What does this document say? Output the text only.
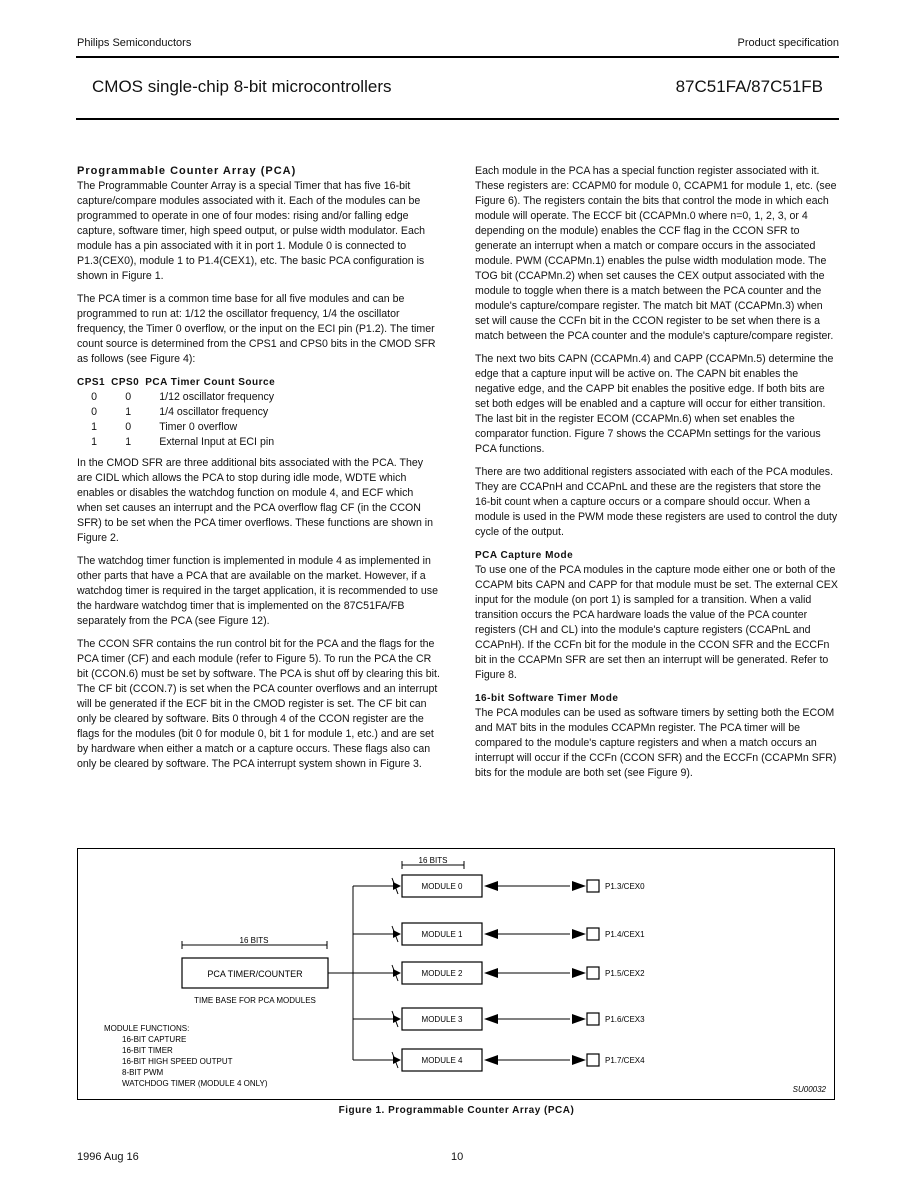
Philips Semiconductors	Product specification
CMOS single-chip 8-bit microcontrollers	87C51FA/87C51FB
Programmable Counter Array (PCA)

The Programmable Counter Array is a special Timer that has five 16-bit capture/compare modules associated with it. Each of the modules can be programmed to operate in one of four modes: rising and/or falling edge capture, software timer, high speed output, or pulse width modulator. Each module has a pin associated with it in port 1. Module 0 is connected to P1.3(CEX0), module 1 to P1.4(CEX1), etc. The basic PCA configuration is shown in Figure 1.

The PCA timer is a common time base for all five modules and can be programmed to run at: 1/12 the oscillator frequency, 1/4 the oscillator frequency, the Timer 0 overflow, or the input on the ECI pin (P1.2). The timer count source is determined from the CPS1 and CPS0 bits in the CMOD SFR as follows (see Figure 4):

CPS1	CPS0	PCA Timer Count Source
0	0	1/12 oscillator frequency
0	1	1/4 oscillator frequency
1	0	Timer 0 overflow
1	1	External Input at ECI pin

In the CMOD SFR are three additional bits associated with the PCA. They are CIDL which allows the PCA to stop during idle mode, WDTE which enables or disables the watchdog function on module 4, and ECF which when set causes an interrupt and the PCA overflow flag CF (in the CCON SFR) to be set when the PCA timer overflows. These functions are shown in Figure 2.

The watchdog timer function is implemented in module 4 as implemented in other parts that have a PCA that are available on the market. However, if a watchdog timer is required in the target application, it is recommended to use the hardware watchdog timer that is implemented on the 87C51FA/FB separately from the PCA (see Figure 12).

The CCON SFR contains the run control bit for the PCA and the flags for the PCA timer (CF) and each module (refer to Figure 5). To run the PCA the CR bit (CCON.6) must be set by software. The PCA is shut off by clearing this bit. The CF bit (CCON.7) is set when the PCA counter overflows and an interrupt will be generated if the ECF bit in the CMOD register is set. The CF bit can only be cleared by software. Bits 0 through 4 of the CCON register are the flags for the modules (bit 0 for module 0, bit 1 for module 1, etc.) and are set by hardware when either a match or a capture occurs. These flags also can only be cleared by software. The PCA interrupt system shown in Figure 3.

Each module in the PCA has a special function register associated with it. These registers are: CCAPM0 for module 0, CCAPM1 for module 1, etc. (see Figure 6). The registers contain the bits that control the mode in which each module will operate. The ECCF bit (CCAPMn.0 where n=0, 1, 2, 3, or 4 depending on the module) enables the CCF flag in the CCON SFR to generate an interrupt when a match or compare occurs in the associated module. PWM (CCAPMn.1) enables the pulse width modulation mode. The TOG bit (CCAPMn.2) when set causes the CEX output associated with the module to toggle when there is a match between the PCA counter and the module's capture/compare register. The match bit MAT (CCAPMn.3) when set will cause the CCFn bit in the CCON register to be set when there is a match between the PCA counter and the module's capture/compare register.

The next two bits CAPN (CCAPMn.4) and CAPP (CCAPMn.5) determine the edge that a capture input will be active on. The CAPN bit enables the negative edge, and the CAPP bit enables the positive edge. If both bits are set both edges will be enabled and a capture will occur for either transition. The last bit in the register ECOM (CCAPMn.6) when set enables the comparator function. Figure 7 shows the CCAPMn settings for the various PCA functions.

There are two additional registers associated with each of the PCA modules. They are CCAPnH and CCAPnL and these are the registers that store the 16-bit count when a capture occurs or a compare should occur. When a module is used in the PWM mode these registers are used to control the duty cycle of the output.

PCA Capture Mode

To use one of the PCA modules in the capture mode either one or both of the CCAPM bits CAPN and CAPP for that module must be set. The external CEX input for the module (on port 1) is sampled for a transition. When a valid transition occurs the PCA hardware loads the value of the PCA counter registers (CH and CL) into the module's capture registers (CCAPnL and CCAPnH). If the CCFn bit for the module in the CCON SFR and the ECCFn bit in the CCAPMn SFR are set then an interrupt will be generated. Refer to Figure 8.

16-bit Software Timer Mode

The PCA modules can be used as software timers by setting both the ECOM and MAT bits in the modules CCAPMn register. The PCA timer will be compared to the module's capture registers and when a match occurs an interrupt will occur if the CCFn (CCON SFR) and the ECCFn (CCAPMn SFR) bits for the module are both set (see Figure 9).

16 BITS
MODULE 0	P1.3/CEX0
MODULE 1	P1.4/CEX1
MODULE 2	P1.5/CEX2
MODULE 3	P1.6/CEX3
MODULE 4	P1.7/CEX4
16 BITS
PCA TIMER/COUNTER
TIME BASE FOR PCA MODULES
MODULE FUNCTIONS:
16-BIT CAPTURE
16-BIT TIMER
16-BIT HIGH SPEED OUTPUT
8-BIT PWM
WATCHDOG TIMER (MODULE 4 ONLY)
SU00032
Figure 1. Programmable Counter Array (PCA)
1996 Aug 16	10
